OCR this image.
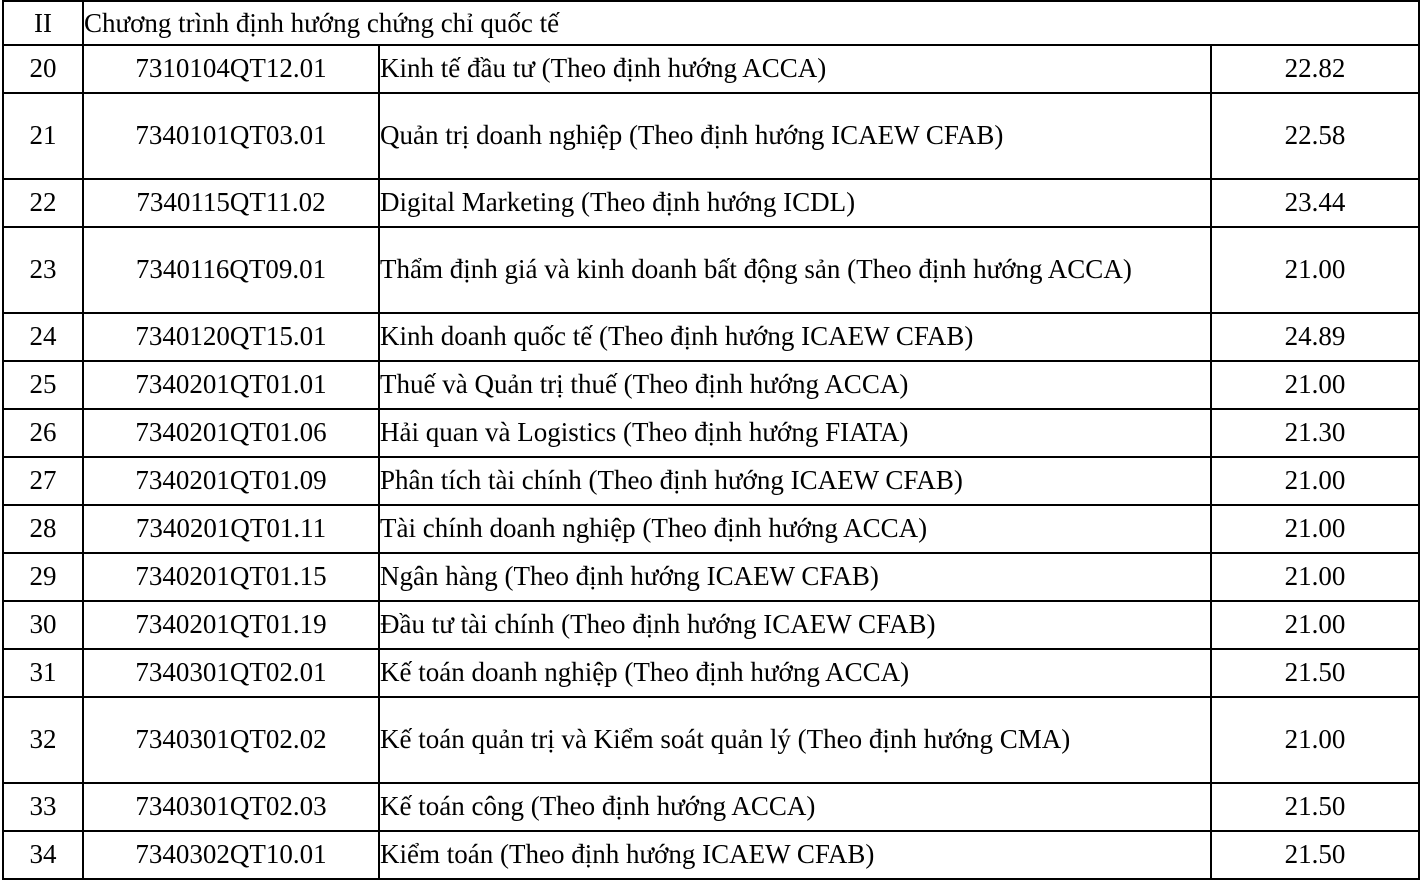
II	Chương trình định hướng chứng chỉ quốc tế		
20	7310104QT12.01	Kinh tế đầu tư (Theo định hướng ACCA)	22.82
21	7340101QT03.01	Quản trị doanh nghiệp (Theo định hướng ICAEW CFAB)	22.58
22	7340115QT11.02	Digital Marketing (Theo định hướng ICDL)	23.44
23	7340116QT09.01	Thẩm định giá và kinh doanh bất động sản (Theo định hướng ACCA)	21.00
24	7340120QT15.01	Kinh doanh quốc tế (Theo định hướng ICAEW CFAB)	24.89
25	7340201QT01.01	Thuế và Quản trị thuế (Theo định hướng ACCA)	21.00
26	7340201QT01.06	Hải quan và Logistics (Theo định hướng FIATA)	21.30
27	7340201QT01.09	Phân tích tài chính (Theo định hướng ICAEW CFAB)	21.00
28	7340201QT01.11	Tài chính doanh nghiệp (Theo định hướng ACCA)	21.00
29	7340201QT01.15	Ngân hàng (Theo định hướng ICAEW CFAB)	21.00
30	7340201QT01.19	Đầu tư tài chính (Theo định hướng ICAEW CFAB)	21.00
31	7340301QT02.01	Kế toán doanh nghiệp (Theo định hướng ACCA)	21.50
32	7340301QT02.02	Kế toán quản trị và Kiểm soát quản lý (Theo định hướng CMA)	21.00
33	7340301QT02.03	Kế toán công (Theo định hướng ACCA)	21.50
34	7340302QT10.01	Kiểm toán (Theo định hướng ICAEW CFAB)	21.50
